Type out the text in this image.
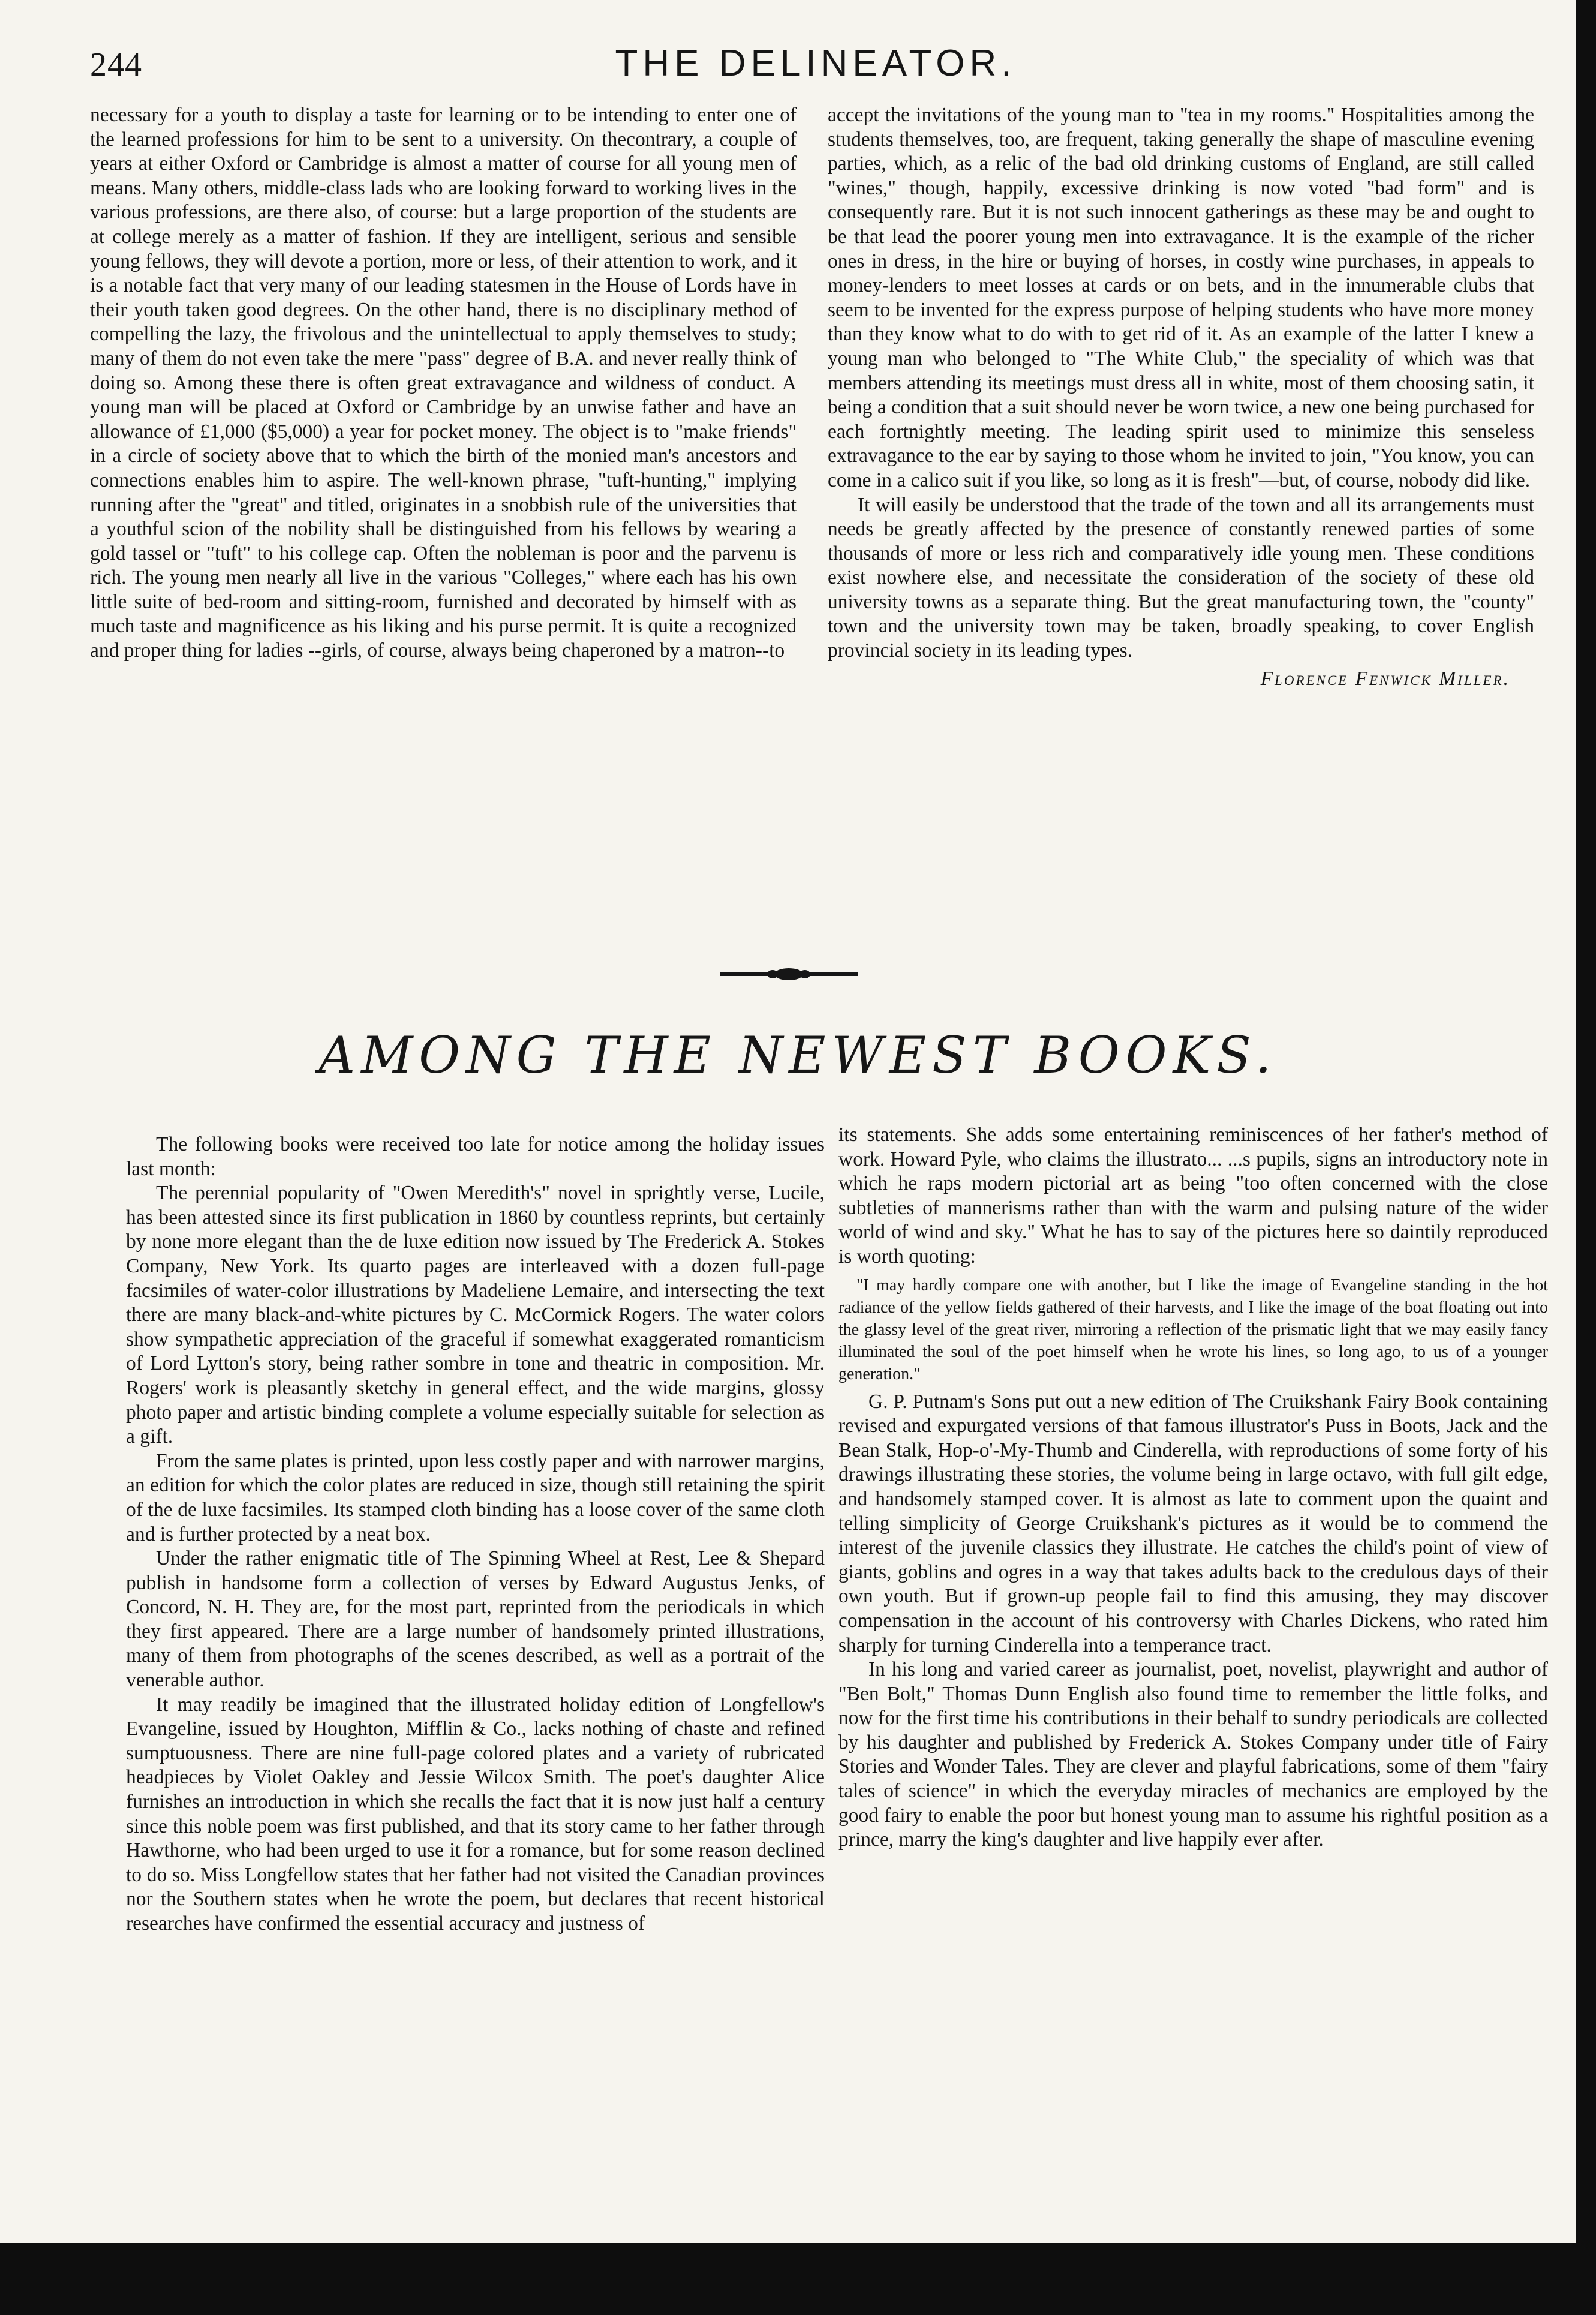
244	THE DELINEATOR.

necessary for a youth to display a taste for learning or to be intending to enter one of the learned professions for him to be sent to a university. On thecontrary, a couple of years at either Oxford or Cambridge is almost a matter of course for all young men of means. Many others, middle-class lads who are looking forward to working lives in the various professions, are there also, of course: but a large proportion of the students are at college merely as a matter of fashion. If they are intelligent, serious and sensible young fellows, they will devote a portion, more or less, of their attention to work, and it is a notable fact that very many of our leading statesmen in the House of Lords have in their youth taken good degrees. On the other hand, there is no disciplinary method of compelling the lazy, the frivolous and the unintellectual to apply themselves to study; many of them do not even take the mere "pass" degree of B.A. and never really think of doing so. Among these there is often great extravagance and wildness of conduct. A young man will be placed at Oxford or Cambridge by an unwise father and have an allowance of £1,000 ($5,000) a year for pocket money. The object is to "make friends" in a circle of society above that to which the birth of the monied man's ancestors and connections enables him to aspire. The well-known phrase, "tuft-hunting," implying running after the "great" and titled, originates in a snobbish rule of the universities that a youthful scion of the nobility shall be distinguished from his fellows by wearing a gold tassel or "tuft" to his college cap. Often the nobleman is poor and the parvenu is rich. The young men nearly all live in the various "Colleges," where each has his own little suite of bed-room and sitting-room, furnished and decorated by himself with as much taste and magnificence as his liking and his purse permit. It is quite a recognized and proper thing for ladies --girls, of course, always being chaperoned by a matron--to

accept the invitations of the young man to "tea in my rooms." Hospitalities among the students themselves, too, are frequent, taking generally the shape of masculine evening parties, which, as a relic of the bad old drinking customs of England, are still called "wines," though, happily, excessive drinking is now voted "bad form" and is consequently rare. But it is not such innocent gatherings as these may be and ought to be that lead the poorer young men into extravagance. It is the example of the richer ones in dress, in the hire or buying of horses, in costly wine purchases, in appeals to money-lenders to meet losses at cards or on bets, and in the innumerable clubs that seem to be invented for the express purpose of helping students who have more money than they know what to do with to get rid of it. As an example of the latter I knew a young man who belonged to "The White Club," the speciality of which was that members attending its meetings must dress all in white, most of them choosing satin, it being a condition that a suit should never be worn twice, a new one being purchased for each fortnightly meeting. The leading spirit used to minimize this senseless extravagance to the ear by saying to those whom he invited to join, "You know, you can come in a calico suit if you like, so long as it is fresh"—but, of course, nobody did like.

It will easily be understood that the trade of the town and all its arrangements must needs be greatly affected by the presence of constantly renewed parties of some thousands of more or less rich and comparatively idle young men. These conditions exist nowhere else, and necessitate the consideration of the society of these old university towns as a separate thing. But the great manufacturing town, the "county" town and the university town may be taken, broadly speaking, to cover English provincial society in its leading types.

Florence Fenwick Miller.
AMONG THE NEWEST BOOKS.

The following books were received too late for notice among the holiday issues last month:

The perennial popularity of "Owen Meredith's" novel in sprightly verse, Lucile, has been attested since its first publication in 1860 by countless reprints, but certainly by none more elegant than the de luxe edition now issued by The Frederick A. Stokes Company, New York. Its quarto pages are interleaved with a dozen full-page facsimiles of water-color illustrations by Madeliene Lemaire, and intersecting the text there are many black-and-white pictures by C. McCormick Rogers. The water colors show sympathetic appreciation of the graceful if somewhat exaggerated romanticism of Lord Lytton's story, being rather sombre in tone and theatric in composition. Mr. Rogers' work is pleasantly sketchy in general effect, and the wide margins, glossy photo paper and artistic binding complete a volume especially suitable for selection as a gift.

From the same plates is printed, upon less costly paper and with narrower margins, an edition for which the color plates are reduced in size, though still retaining the spirit of the de luxe facsimiles. Its stamped cloth binding has a loose cover of the same cloth and is further protected by a neat box.

Under the rather enigmatic title of The Spinning Wheel at Rest, Lee & Shepard publish in handsome form a collection of verses by Edward Augustus Jenks, of Concord, N. H. They are, for the most part, reprinted from the periodicals in which they first appeared. There are a large number of handsomely printed illustrations, many of them from photographs of the scenes described, as well as a portrait of the venerable author.

It may readily be imagined that the illustrated holiday edition of Longfellow's Evangeline, issued by Houghton, Mifflin & Co., lacks nothing of chaste and refined sumptuousness. There are nine full-page colored plates and a variety of rubricated headpieces by Violet Oakley and Jessie Wilcox Smith. The poet's daughter Alice furnishes an introduction in which she recalls the fact that it is now just half a century since this noble poem was first published, and that its story came to her father through Hawthorne, who had been urged to use it for a romance, but for some reason declined to do so. Miss Longfellow states that her father had not visited the Canadian provinces nor the Southern states when he wrote the poem, but declares that recent historical researches have confirmed the essential accuracy and justness of

its statements. She adds some entertaining reminiscences of her father's method of work. Howard Pyle, who claims the illustrato... ...s pupils, signs an introductory note in which he raps modern pictorial art as being "too often concerned with the close subtleties of mannerisms rather than with the warm and pulsing nature of the wider world of wind and sky." What he has to say of the pictures here so daintily reproduced is worth quoting:

"I may hardly compare one with another, but I like the image of Evangeline standing in the hot radiance of the yellow fields gathered of their harvests, and I like the image of the boat floating out into the glassy level of the great river, mirroring a reflection of the prismatic light that we may easily fancy illuminated the soul of the poet himself when he wrote his lines, so long ago, to us of a younger generation."

G. P. Putnam's Sons put out a new edition of The Cruikshank Fairy Book containing revised and expurgated versions of that famous illustrator's Puss in Boots, Jack and the Bean Stalk, Hop-o'-My-Thumb and Cinderella, with reproductions of some forty of his drawings illustrating these stories, the volume being in large octavo, with full gilt edge, and handsomely stamped cover. It is almost as late to comment upon the quaint and telling simplicity of George Cruikshank's pictures as it would be to commend the interest of the juvenile classics they illustrate. He catches the child's point of view of giants, goblins and ogres in a way that takes adults back to the credulous days of their own youth. But if grown-up people fail to find this amusing, they may discover compensation in the account of his controversy with Charles Dickens, who rated him sharply for turning Cinderella into a temperance tract.

In his long and varied career as journalist, poet, novelist, playwright and author of "Ben Bolt," Thomas Dunn English also found time to remember the little folks, and now for the first time his contributions in their behalf to sundry periodicals are collected by his daughter and published by Frederick A. Stokes Company under title of Fairy Stories and Wonder Tales. They are clever and playful fabrications, some of them "fairy tales of science" in which the everyday miracles of mechanics are employed by the good fairy to enable the poor but honest young man to assume his rightful position as a prince, marry the king's daughter and live happily ever after.
